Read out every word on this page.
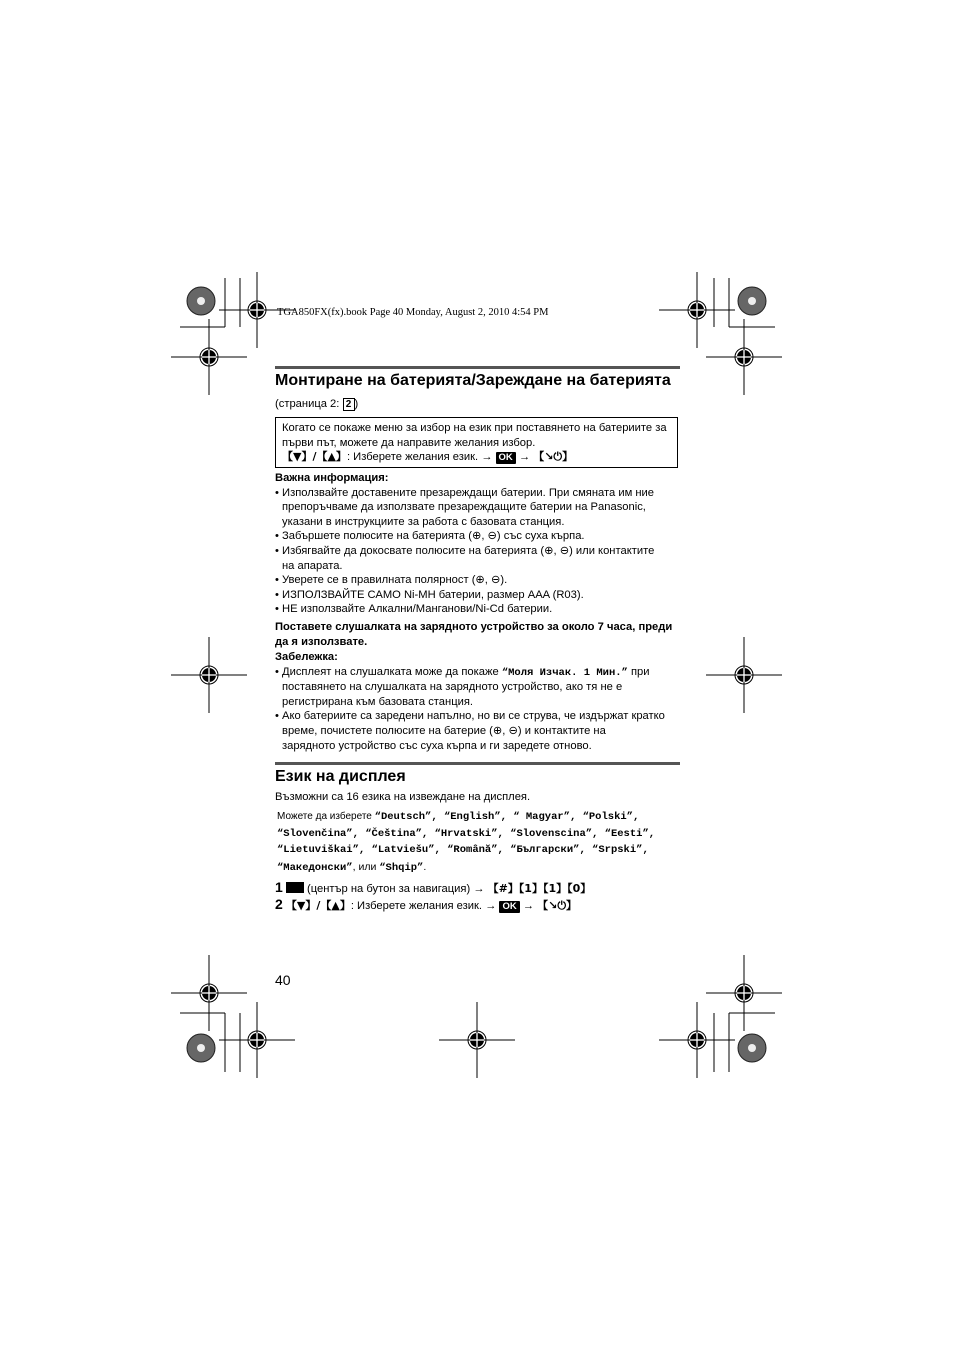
TGA850FX(fx).book Page 40 Monday, August 2, 2010 4:54 PM
Монтиране на батерията/Зареждане на батерията
(страница 2: 2 )
Когато се покаже меню за избор на език при поставянето на батериите за
първи път, можете да направите желания избор.
【▼】/【▲】: Изберете желания език. → OK → 【↘⏻】
Важна информация:
• Използвайте доставените презареждащи батерии. При смяната им ние
препоръчваме да използвате презареждащите батерии на Panasonic,
указани в инструкциите за работа с базовата станция.
• Забършете полюсите на батерията (⊕, ⊖) със суха кърпа.
• Избягвайте да докосвате полюсите на батерията (⊕, ⊖) или контактите
на апарата.
• Уверете се в правилната полярност (⊕, ⊖).
• ИЗПОЛЗВАЙТЕ САМО Ni-MH батерии, размер AAA (R03).
• НЕ използвайте Алкални/Манганови/Ni-Cd батерии.
Поставете слушалката на зарядното устройство за около 7 часа, преди
да я използвате.
Забележка:
• Дисплеят на слушалката може да покаже “Моля Изчак. 1 Мин.” при
поставянето на слушалката на зарядното устройство, ако тя не е
регистрирана към базовата станция.
• Ако батериите са заредени напълно, но ви се струва, че издържат кратко
време, почистете полюсите на батерие (⊕, ⊖) и контактите на
зарядното устройство със суха кърпа и ги заредете отново.
Език на дисплея
Възможни са 16 езика на извеждане на дисплея.
Можете да изберете “Deutsch”, “English”, “ Magyar”, “Polski”,
“Slovenčina”, “Čeština”, “Hrvatski”, “Slovenscina”, “Eesti”,
“Lietuviškai”, “Latviešu”, “Română”, “Български”, “Srpski”,
“Македонски”, или “Shqip”.
1  (център на бутон за навигация) → 【#】【1】【1】【0】
2 【▼】/【▲】: Изберете желания език. → OK → 【↘⏻】
40
